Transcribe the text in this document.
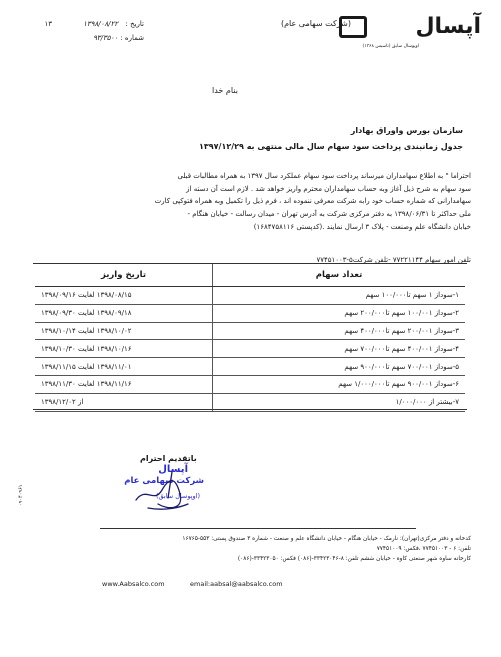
آپسال
(شرکت سهامی عام)
اوپوسال سایق (تاسیس ۱۳۶۸)
تاریخ :
۱۳۹۸/۰۸/۲۲
۱۳
شماره :
۹۳/۳۵۰۰
بنام خدا
سازمان بورس واوراق بهادار
جدول زمانبندی پرداخت سود سهام سال مالی منتهی به ۱۳۹۷/۱۲/۲۹
احتراما " به اطلاع سهامداران میرساند پرداخت سود سهام عملکرد سال ۱۳۹۷ به همراه مطالبات قبلی
سود سهام به شرح ذیل آغاز وبه حساب سهامداران محترم واریز خواهد شد . لازم است آن دسته از
سهامدارانی که شماره حساب خود رابه شرکت معرفی ننموده اند ، فرم ذیل را تکمیل وبه همراه فتوکپی کارت
ملی حداکثر تا ۱۳۹۸/۰۶/۳۱ به دفتر مرکزی شرکت به آدرس تهران - میدان رسالت - خیابان هنگام -
خیابان دانشگاه علم وصنعت - پلاک ۳ ارسال نمایند .(کدپستی ۱۶۸۴۷۵۸۱۱۶)
تلفن امور سهام ۷۷۲۲۱۱۴۴ -تلفن شرکت۵-۷۷۴۵۱۰۰۳
تعداد سهام	تاریخ واریز
۱-سوداز ۱ سهم تا۱۰۰/۰۰۰ سهم	۱۳۹۸/۰۸/۱۵ لغایت ۱۳۹۸/۰۹/۱۶
۲-سوداز ۱۰۰/۰۰۱ سهم تا۲۰۰/۰۰۰ سهم	۱۳۹۸/۰۹/۱۸ لغایت ۱۳۹۸/۰۹/۳۰
۳-سوداز ۲۰۰/۰۰۱ سهم تا۴۰۰/۰۰۰ سهم	۱۳۹۸/۱۰/۰۲ لغایت ۱۳۹۸/۱۰/۱۴
۴-سوداز ۴۰۰/۰۰۱ سهم تا۷۰۰/۰۰۰ سهم	۱۳۹۸/۱۰/۱۶ لغایت ۱۳۹۸/۱۰/۳۰
۵-سوداز ۷۰۰/۰۰۱ سهم تا۹۰۰/۰۰۰ سهم	۱۳۹۸/۱۱/۰۱ لغایت ۱۳۹۸/۱۱/۱۵
۶-سوداز ۹۰۰/۰۰۱ سهم تا۱/۰۰۰/۰۰۰ سهم	۱۳۹۸/۱۱/۱۶ لغایت ۱۳۹۸/۱۱/۳۰
۷-بیشتر از ۱/۰۰۰/۰۰۰	از ۱۳۹۸/۱۲/۰۲
باتقدیم احترام
آپسال
شرکت سهامی عام
(اوپوسال سابق)
۰۹۰۴۰۹۶۱
کدخانه و دفتر مرکزی(تهران): نارمک - خیابان هنگام - خیابان دانشگاه علم و صنعت - شماره ۳ صندوق پستی: ۵۵۳-۱۶۷۶۵
تلفن: ۶ - ۷۷۴۵۱۰۰۳ ،فکس: ۷۷۴۵۱۰۰۹
کارخانه ساوه شهر صنعتی کاوه - خیابان ششم تلفن: ۸-۳۳۴۲۳۰۴۶-(۰۸۶) فکس: ۳۳۴۲۳۰۵۰-(۰۸۶)
www.Aabsalco.com	email:aabsal@aabsalco.com
